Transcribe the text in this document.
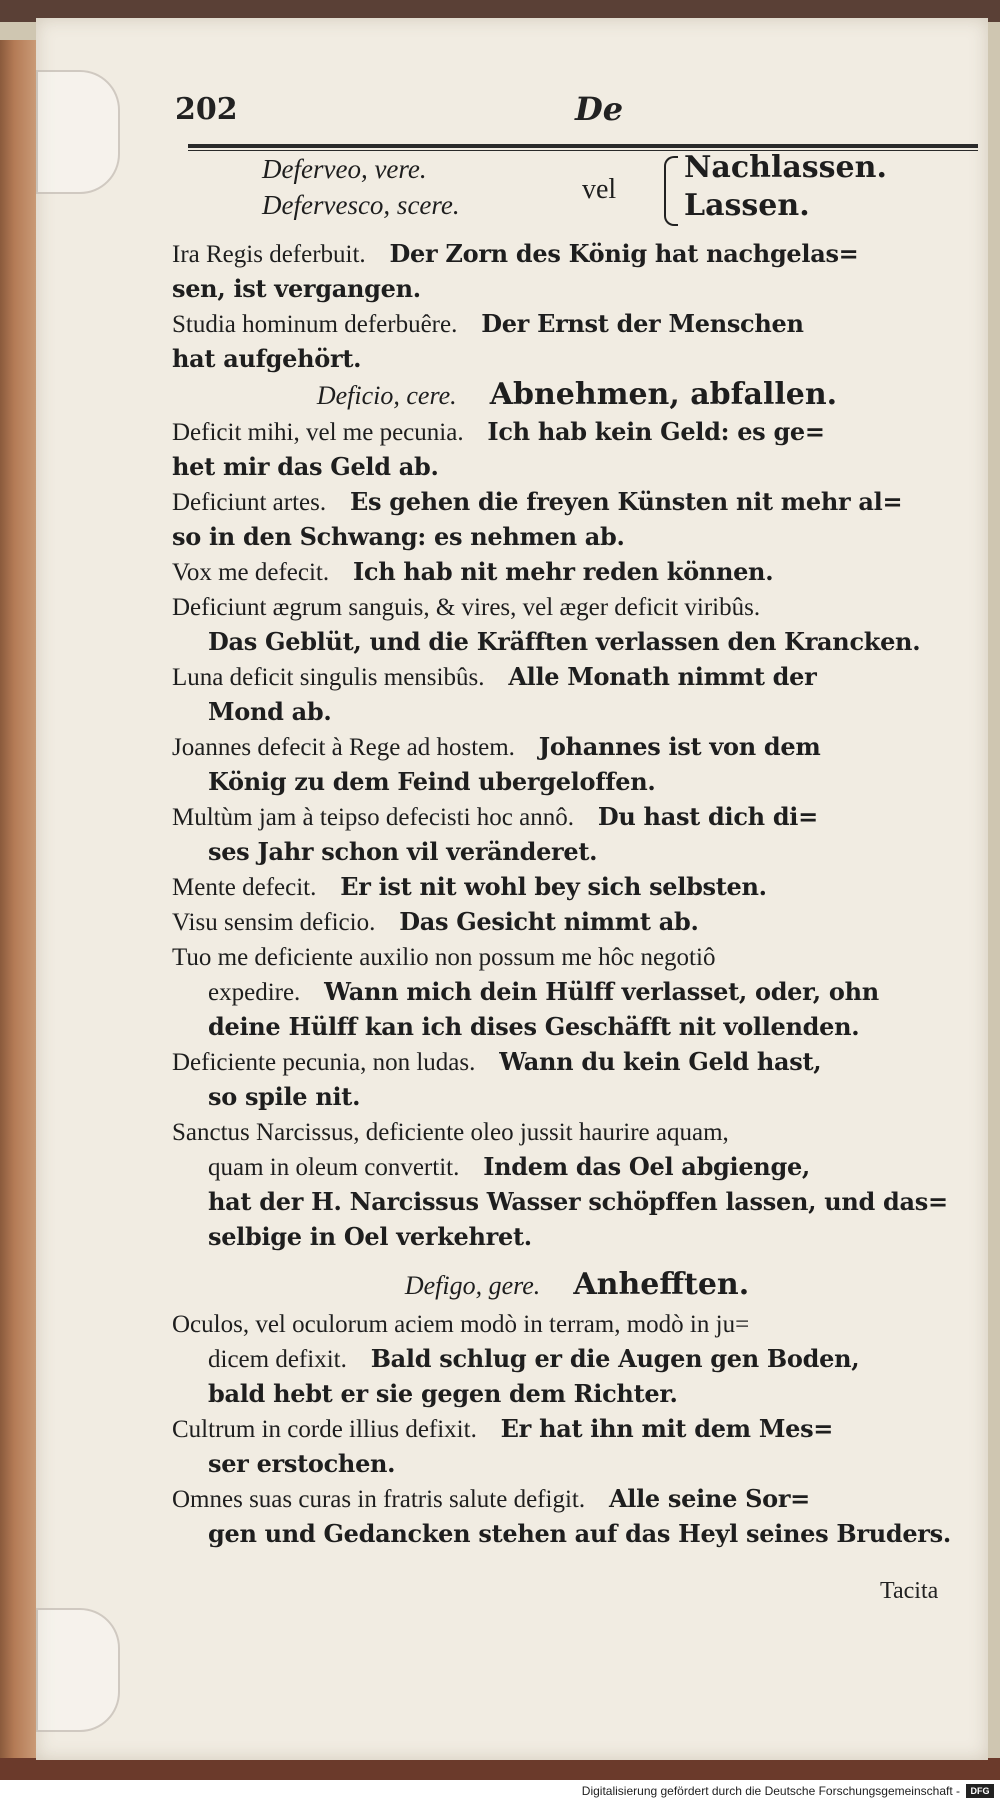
202	De
Deferveo, vere.
Defervesco, scere.	vel
Nachlassen.
Lassen.
Ira Regis deferbuit. Der Zorn des König hat nachgelas=
sen, ist vergangen.
Studia hominum deferbuêre. Der Ernst der Menschen
hat aufgehört.
Deficio, cere. Abnehmen, abfallen.
Deficit mihi, vel me pecunia. Ich hab kein Geld: es ge=
het mir das Geld ab.
Deficiunt artes. Es gehen die freyen Künsten nit mehr al=
so in den Schwang: es nehmen ab.
Vox me defecit. Ich hab nit mehr reden können.
Deficiunt ægrum sanguis, & vires, vel æger deficit viribûs.
Das Geblüt, und die Kräfften verlassen den Krancken.
Luna deficit singulis mensibûs. Alle Monath nimmt der
Mond ab.
Joannes defecit à Rege ad hostem. Johannes ist von dem
König zu dem Feind ubergeloffen.
Multùm jam à teipso defecisti hoc annô. Du hast dich di=
ses Jahr schon vil veränderet.
Mente defecit. Er ist nit wohl bey sich selbsten.
Visu sensim deficio. Das Gesicht nimmt ab.
Tuo me deficiente auxilio non possum me hôc negotiô
expedire. Wann mich dein Hülff verlasset, oder, ohn
deine Hülff kan ich dises Geschäfft nit vollenden.
Deficiente pecunia, non ludas. Wann du kein Geld hast,
so spile nit.
Sanctus Narcissus, deficiente oleo jussit haurire aquam,
quam in oleum convertit. Indem das Oel abgienge,
hat der H. Narcissus Wasser schöpffen lassen, und das=
selbige in Oel verkehret.
Defigo, gere. Anhefften.
Oculos, vel oculorum aciem modò in terram, modò in ju=
dicem defixit. Bald schlug er die Augen gen Boden,
bald hebt er sie gegen dem Richter.
Cultrum in corde illius defixit. Er hat ihn mit dem Mes=
ser erstochen.
Omnes suas curas in fratris salute defigit. Alle seine Sor=
gen und Gedancken stehen auf das Heyl seines Bruders.
Tacita
Digitalisierung gefördert durch die Deutsche Forschungsgemeinschaft -	DFG
